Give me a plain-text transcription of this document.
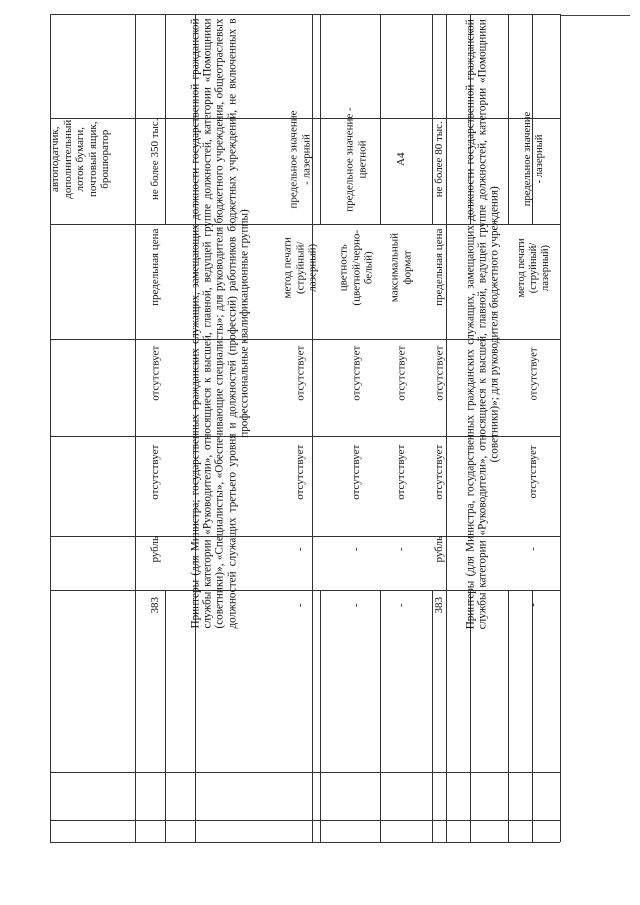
автоподатчик, дополнительный лоток бумаги, почтовый ящик, брошюратор	не более 350 тыс.
предельная цена
отсутствует
отсутствует
рубль
383	Принтеры (для Министра; государственных гражданских служащих, замещающих должности государственной гражданской службы категории «Руководители», относящиеся к высшей, главной, ведущей группе должностей, категории «Помощники (советники)», «Специалисты», «Обеспечивающие специалисты»; для руководителя бюджетного учреждения, общеотраслевых должностей служащих третьего уровня и должностей (профессий) работников бюджетных учреждений, не включенных в профессиональные квалификационные группы)
предельное значение - лазерный
метод печати (струйный/ лазерный)
отсутствует
отсутствует
-
-
предельное значение - цветной
цветность (цветной/черно-белый)
отсутствует
отсутствует
-
-
А4
максимальный формат
отсутствует
отсутствует
-
-
не более 80 тыс.
предельная цена
отсутствует
отсутствует
рубль
383 Принтеры (для Министра, государственных гражданских служащих, замещающих должности государственной гражданской службы категории «Руководители», относящиеся к высшей, главной, ведущей группе должностей, категории «Помощники (советники)»; для руководителя бюджетного учреждения)
предельное значение - лазерный
метод печати (струйный/ лазерный)
отсутствует
отсутствует
-
-
